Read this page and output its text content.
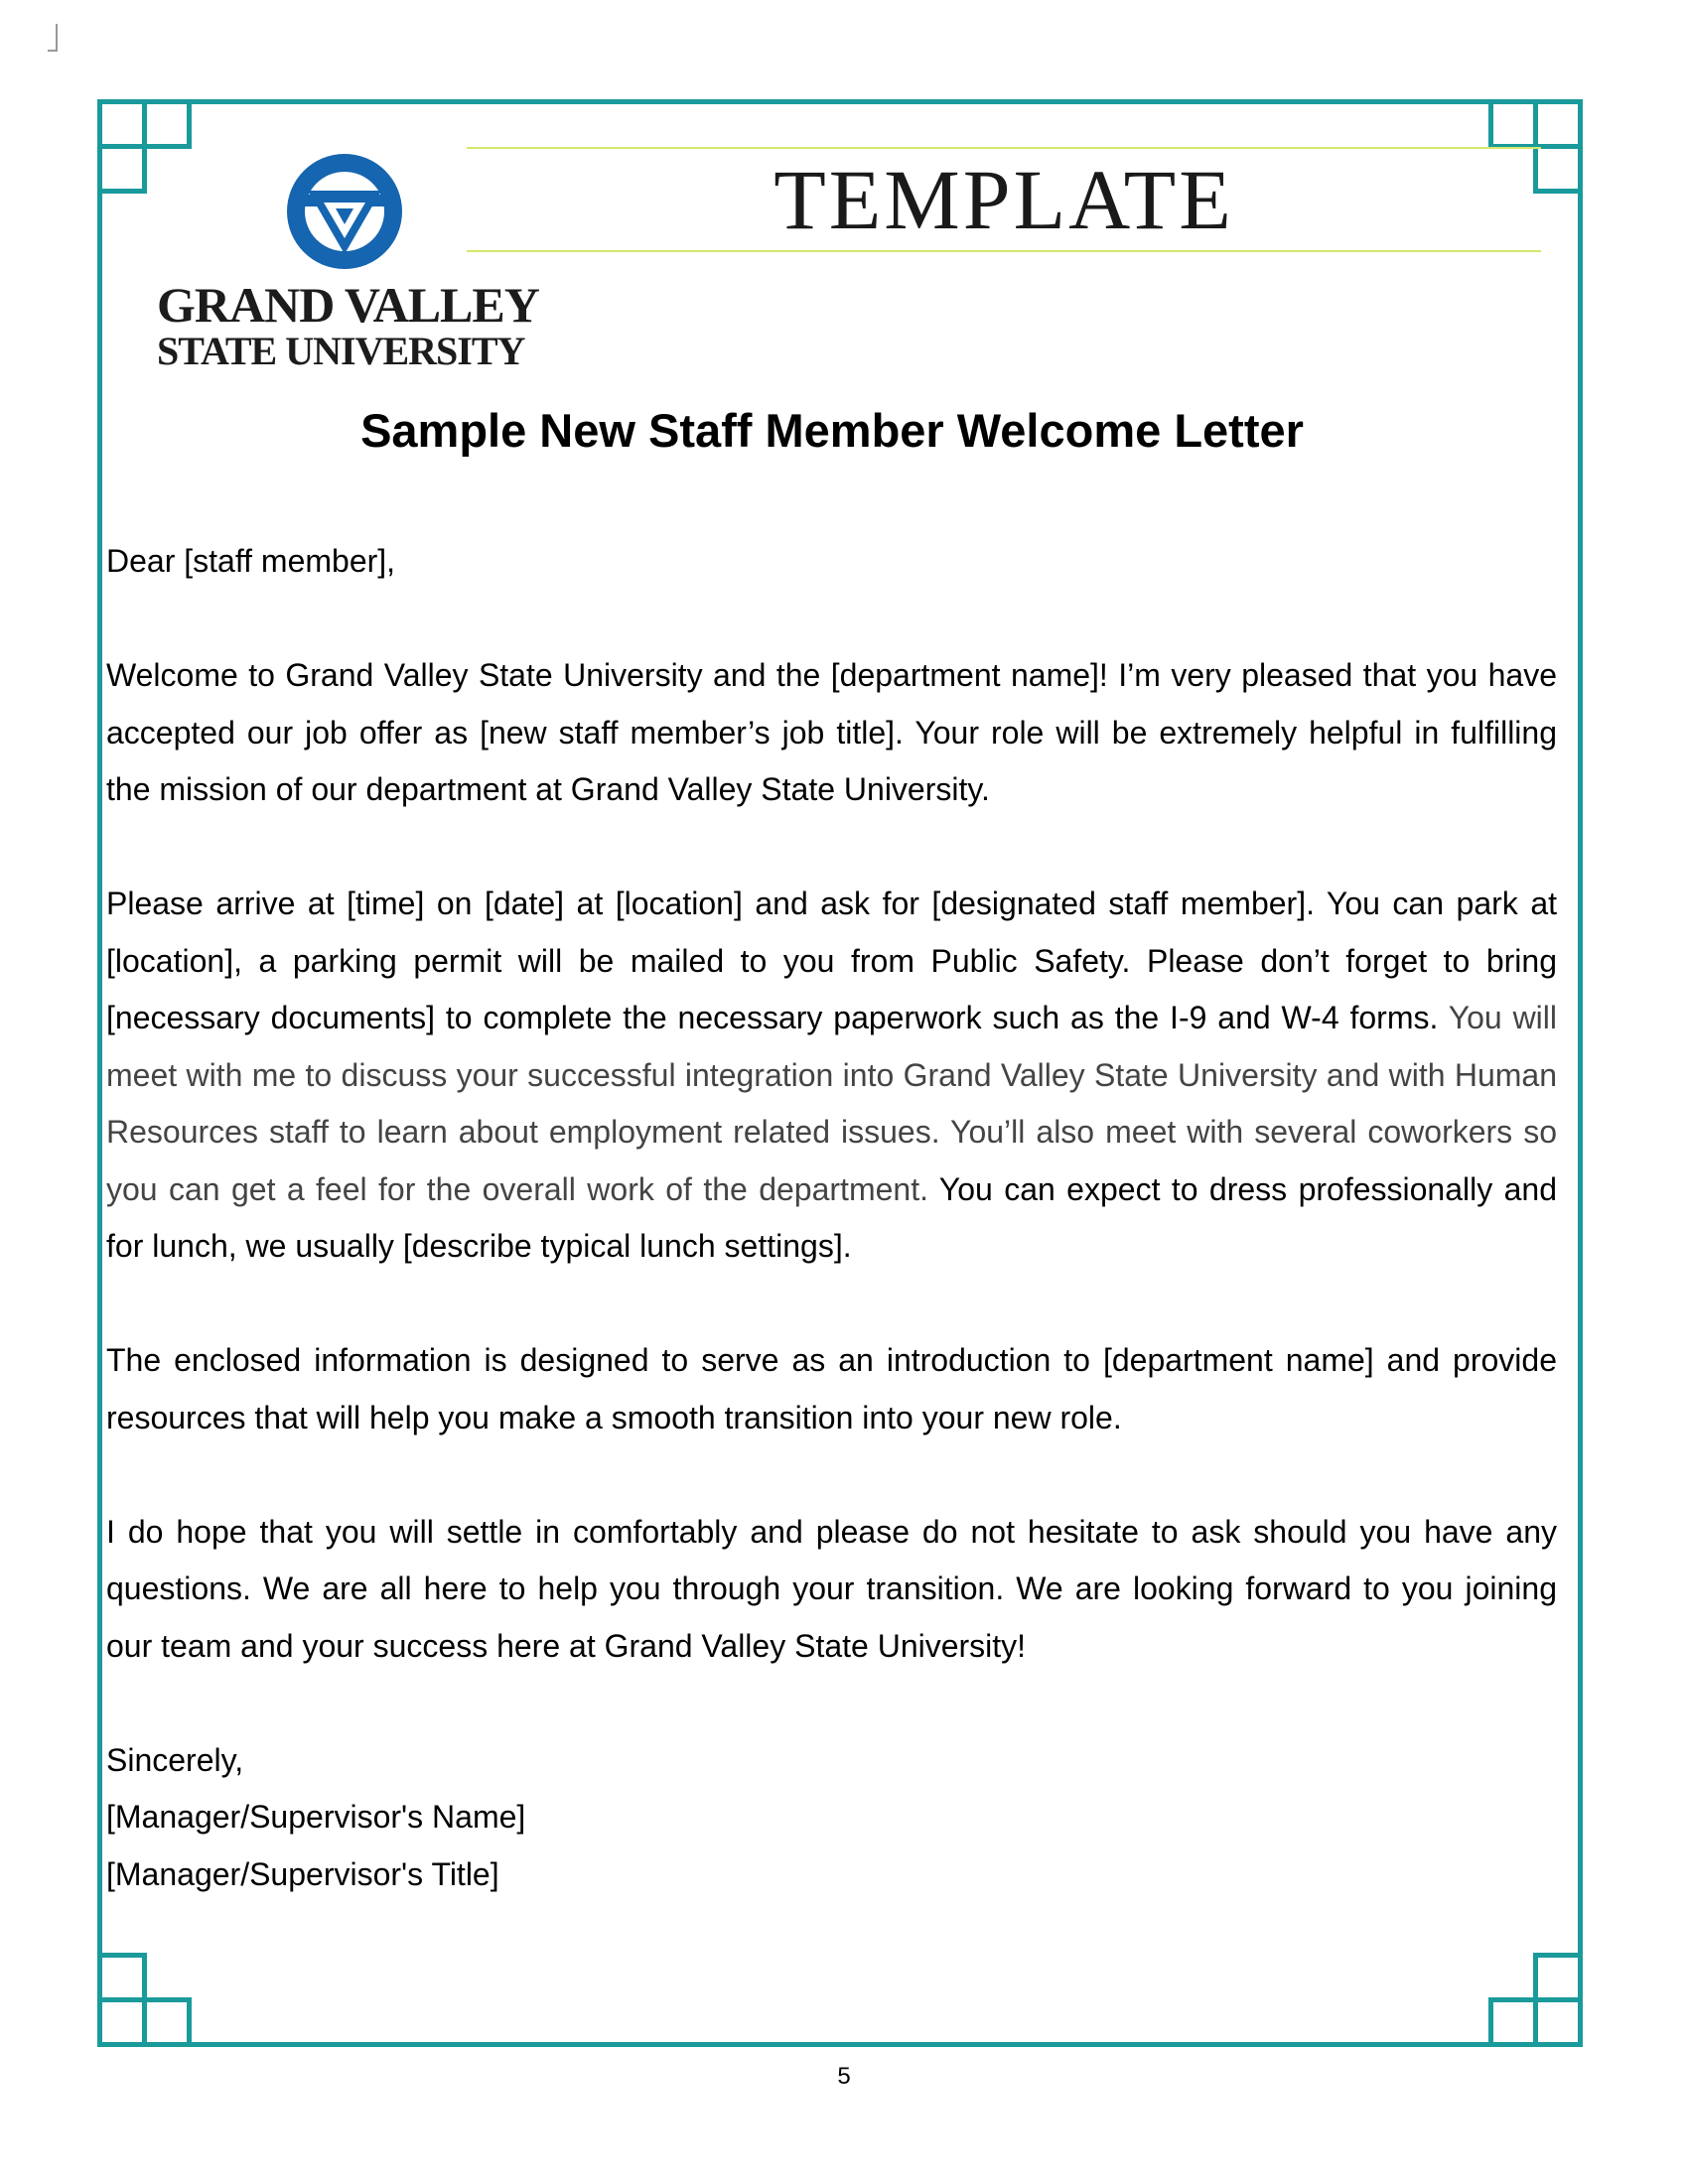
GRAND VALLEY
STATE UNIVERSITY
TEMPLATE
Sample New Staff Member Welcome Letter

Dear [staff member],

Welcome to Grand Valley State University and the [department name]! I’m very pleased that you have accepted our job offer as [new staff member’s job title]. Your role will be extremely helpful in fulfilling the mission of our department at Grand Valley State University.

Please arrive at [time] on [date] at [location] and ask for [designated staff member]. You can park at [location], a parking permit will be mailed to you from Public Safety. Please don’t forget to bring [necessary documents] to complete the necessary paperwork such as the I-9 and W-4 forms. You will meet with me to discuss your successful integration into Grand Valley State University and with Human Resources staff to learn about employment related issues. You’ll also meet with several coworkers so you can get a feel for the overall work of the department. You can expect to dress professionally and for lunch, we usually [describe typical lunch settings].

The enclosed information is designed to serve as an introduction to [department name] and provide resources that will help you make a smooth transition into your new role.

I do hope that you will settle in comfortably and please do not hesitate to ask should you have any questions. We are all here to help you through your transition. We are looking forward to you joining our team and your success here at Grand Valley State University!

Sincerely,
[Manager/Supervisor's Name]
[Manager/Supervisor's Title]
5
